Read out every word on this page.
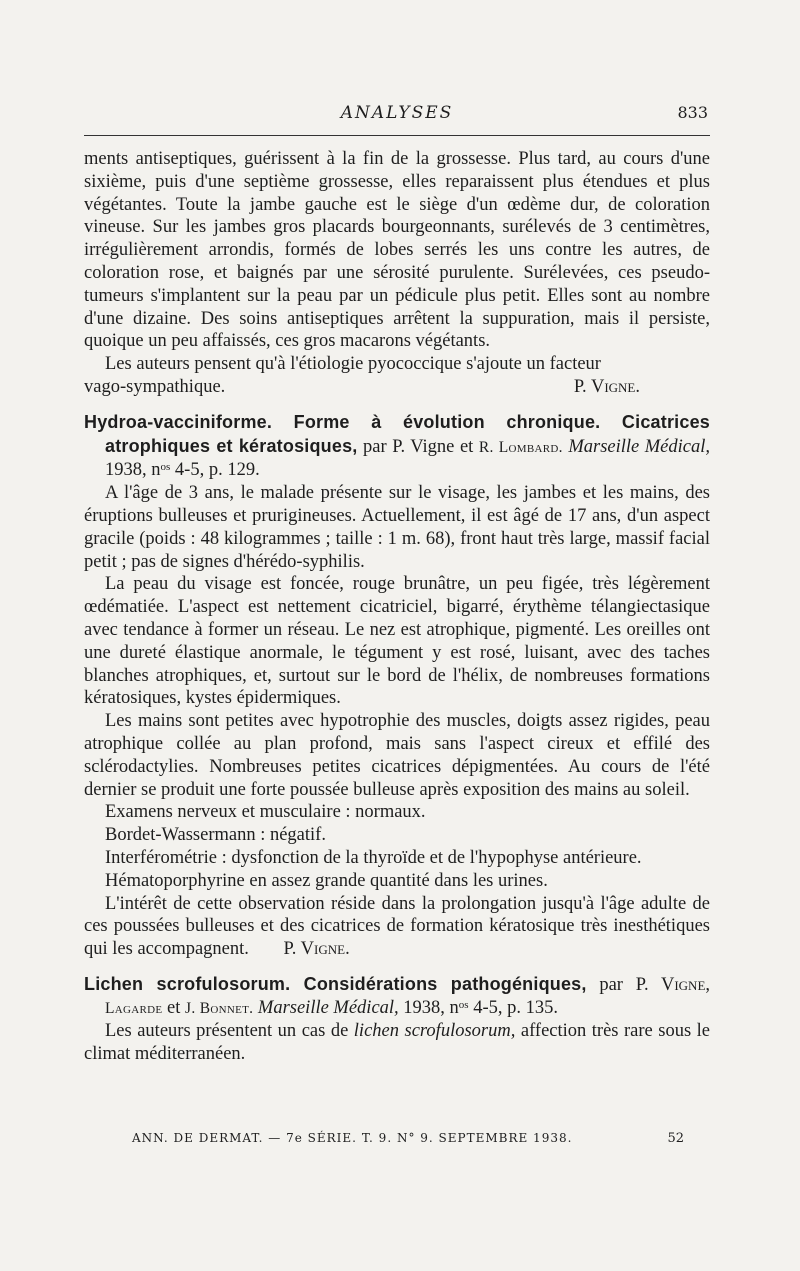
ANALYSES	833

ments antiseptiques, guérissent à la fin de la grossesse. Plus tard, au cours d'une sixième, puis d'une septième grossesse, elles reparaissent plus étendues et plus végétantes. Toute la jambe gauche est le siège d'un œdème dur, de coloration vineuse. Sur les jambes gros placards bourgeonnants, surélevés de 3 centimètres, irrégulièrement arrondis, formés de lobes serrés les uns contre les autres, de coloration rose, et baignés par une sérosité purulente. Surélevées, ces pseudo-tumeurs s'implantent sur la peau par un pédicule plus petit. Elles sont au nombre d'une dizaine. Des soins antiseptiques arrêtent la suppuration, mais il persiste, quoique un peu affaissés, ces gros macarons végétants.

Les auteurs pensent qu'à l'étiologie pyococcique s'ajoute un facteur

vago-sympathique.	P. Vigne.

Hydroa-vacciniforme. Forme à évolution chronique. Cicatrices atrophiques et kératosiques, par P. Vigne et R. Lombard. Marseille Médical, 1938, $n^{os}$ 4-5, p. 129.

A l'âge de 3 ans, le malade présente sur le visage, les jambes et les mains, des éruptions bulleuses et prurigineuses. Actuellement, il est âgé de 17 ans, d'un aspect gracile (poids : 48 kilogrammes ; taille : 1 m. 68), front haut très large, massif facial petit ; pas de signes d'hérédo-syphilis.

La peau du visage est foncée, rouge brunâtre, un peu figée, très légèrement œdématiée. L'aspect est nettement cicatriciel, bigarré, érythème télangiectasique avec tendance à former un réseau. Le nez est atrophique, pigmenté. Les oreilles ont une dureté élastique anormale, le tégument y est rosé, luisant, avec des taches blanches atrophiques, et, surtout sur le bord de l'hélix, de nombreuses formations kératosiques, kystes épidermiques.

Les mains sont petites avec hypotrophie des muscles, doigts assez rigides, peau atrophique collée au plan profond, mais sans l'aspect cireux et effilé des sclérodactylies. Nombreuses petites cicatrices dépigmentées. Au cours de l'été dernier se produit une forte poussée bulleuse après exposition des mains au soleil.

Examens nerveux et musculaire : normaux.

Bordet-Wassermann : négatif.

Interférométrie : dysfonction de la thyroïde et de l'hypophyse antérieure.

Hématoporphyrine en assez grande quantité dans les urines.

L'intérêt de cette observation réside dans la prolongation jusqu'à l'âge adulte de ces poussées bulleuses et des cicatrices de formation kératosique très inesthétiques qui les accompagnent. P. Vigne.

Lichen scrofulosorum. Considérations pathogéniques, par P. Vigne, Lagarde et J. Bonnet. Marseille Médical, 1938, $n^{os}$ 4-5, p. 135.

Les auteurs présentent un cas de lichen scrofulosorum, affection très rare sous le climat méditerranéen.

ANN. DE DERMAT. — 7e SÉRIE. T. 9. N° 9. SEPTEMBRE 1938.	52
